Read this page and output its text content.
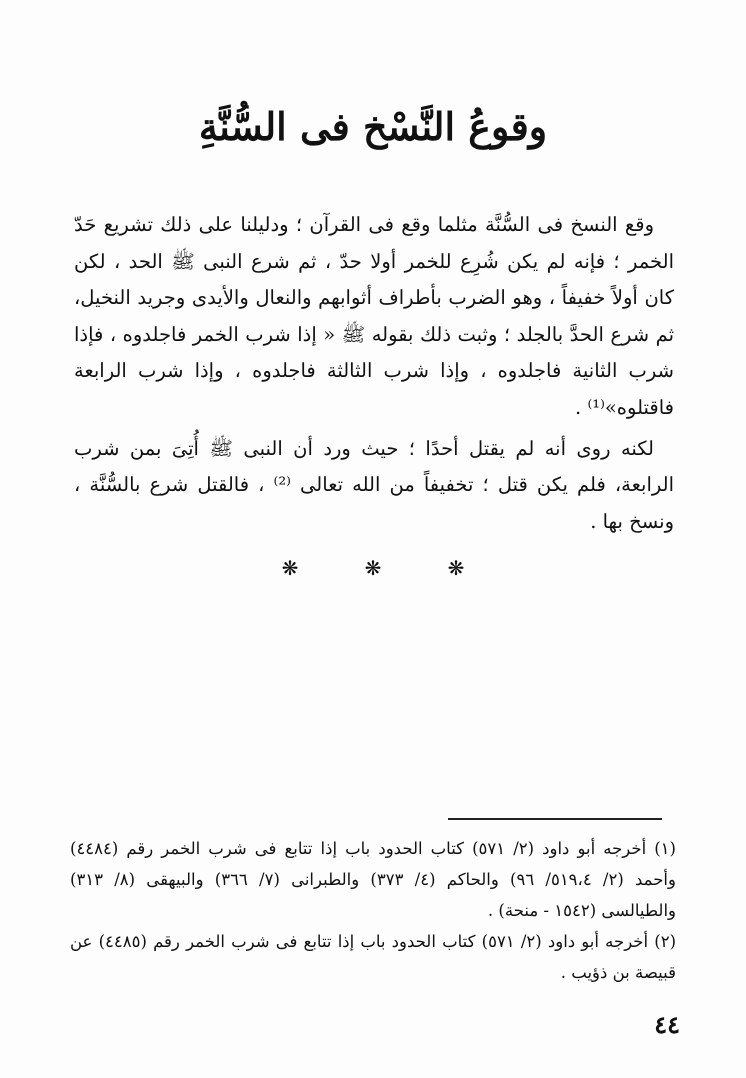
وقوعُ النَّسْخ فى السُّنَّةِ

وقع النسخ فى السُّنَّة مثلما وقع فى القرآن ؛ ودليلنا على ذلك تشريع حَدّ الخمر ؛ فإنه لم يكن شُرِع للخمر أولا حدّ ، ثم شرع النبى ﷺ الحد ، لكن كان أولاً خفيفاً ، وهو الضرب بأطراف أثوابهم والنعال والأيدى وجريد النخيل، ثم شرع الحدَّ بالجلد ؛ وثبت ذلك بقوله ﷺ « إذا شرب الخمر فاجلدوه ، فإذا شرب الثانية فاجلدوه ، وإذا شرب الثالثة فاجلدوه ، وإذا شرب الرابعة فاقتلوه»⁽¹⁾ .

لكنه روى أنه لم يقتل أحدًا ؛ حيث ورد أن النبى ﷺ أُتِىَ بمن شرب الرابعة، فلم يكن قتل ؛ تخفيفاً من الله تعالى ⁽²⁾ ، فالقتل شرع بالسُّنَّة ، ونسخ بها .

❋
❋
❋

(١) أخرجه أبو داود (٢/ ٥٧١) كتاب الحدود باب إذا تتابع فى شرب الخمر رقم (٤٤٨٤) وأحمد (٢/ ٥١٩،٤/ ٩٦) والحاكم (٤/ ٣٧٣) والطبرانى (٧/ ٣٦٦) والبيهقى (٨/ ٣١٣) والطيالسى (١٥٤٢ - منحة) .

(٢) أخرجه أبو داود (٢/ ٥٧١) كتاب الحدود باب إذا تتابع فى شرب الخمر رقم (٤٤٨٥) عن قبيصة بن ذؤيب .

٤٤
